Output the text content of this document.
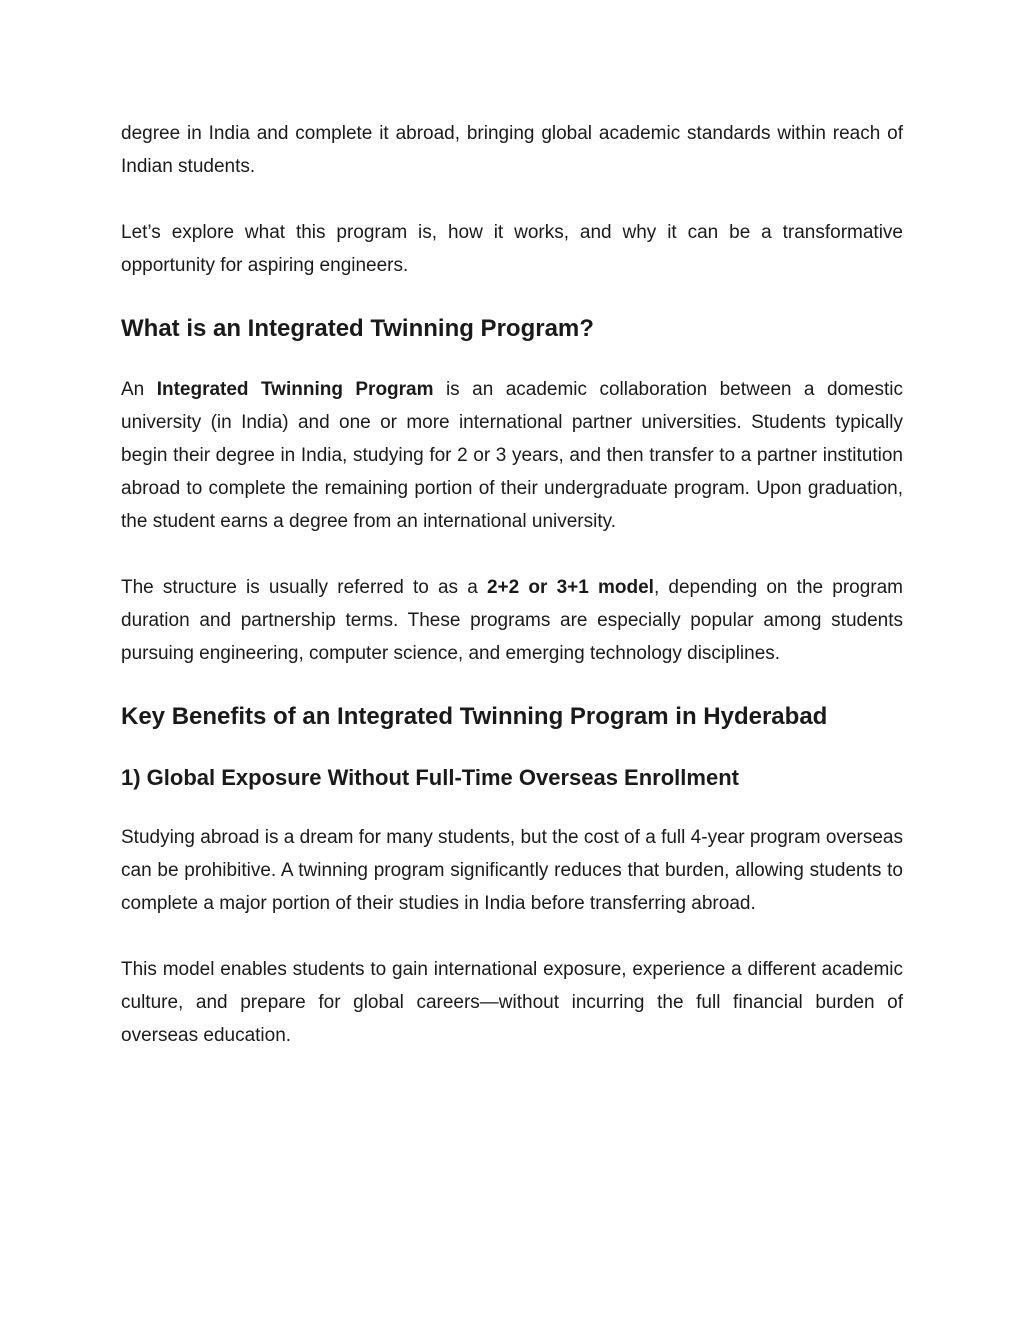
degree in India and complete it abroad, bringing global academic standards within reach of Indian students.

Let’s explore what this program is, how it works, and why it can be a transformative opportunity for aspiring engineers.

What is an Integrated Twinning Program?

An Integrated Twinning Program is an academic collaboration between a domestic university (in India) and one or more international partner universities. Students typically begin their degree in India, studying for 2 or 3 years, and then transfer to a partner institution abroad to complete the remaining portion of their undergraduate program. Upon graduation, the student earns a degree from an international university.

The structure is usually referred to as a 2+2 or 3+1 model, depending on the program duration and partnership terms. These programs are especially popular among students pursuing engineering, computer science, and emerging technology disciplines.

Key Benefits of an Integrated Twinning Program in Hyderabad
1) Global Exposure Without Full-Time Overseas Enrollment

Studying abroad is a dream for many students, but the cost of a full 4-year program overseas can be prohibitive. A twinning program significantly reduces that burden, allowing students to complete a major portion of their studies in India before transferring abroad.

This model enables students to gain international exposure, experience a different academic culture, and prepare for global careers—without incurring the full financial burden of overseas education.
